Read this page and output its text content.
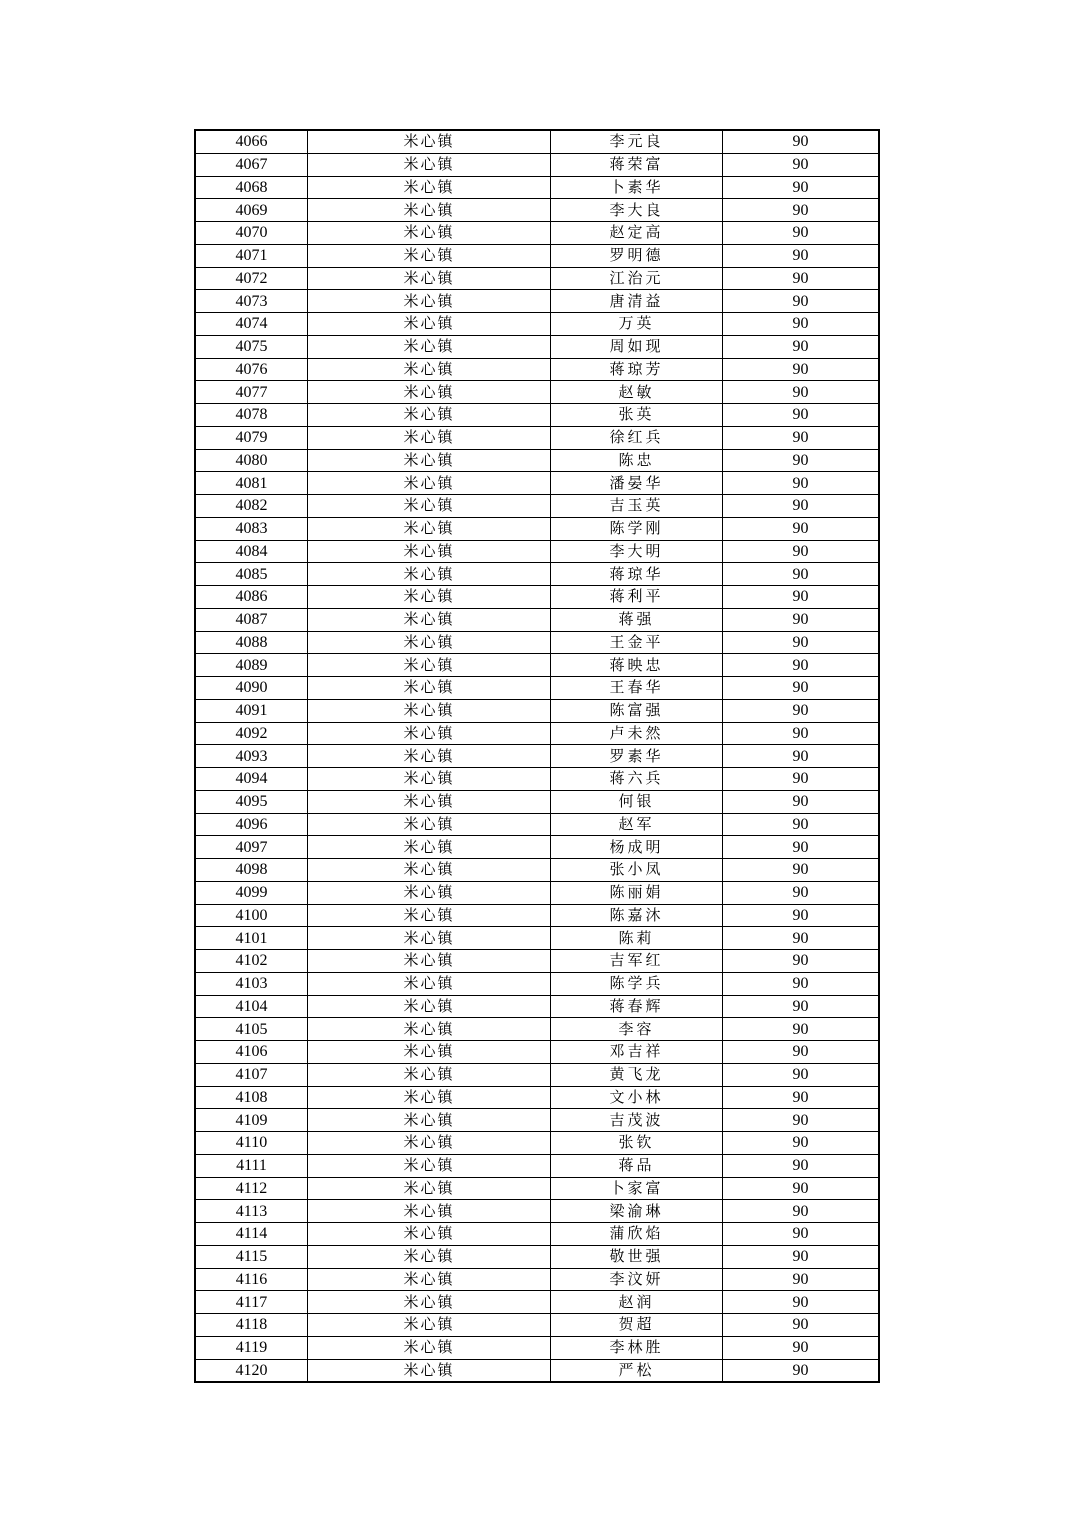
4066	米心镇	李元良	90
4067	米心镇	蒋荣富	90
4068	米心镇	卜素华	90
4069	米心镇	李大良	90
4070	米心镇	赵定高	90
4071	米心镇	罗明德	90
4072	米心镇	江治元	90
4073	米心镇	唐清益	90
4074	米心镇	万英	90
4075	米心镇	周如现	90
4076	米心镇	蒋琼芳	90
4077	米心镇	赵敏	90
4078	米心镇	张英	90
4079	米心镇	徐红兵	90
4080	米心镇	陈忠	90
4081	米心镇	潘晏华	90
4082	米心镇	吉玉英	90
4083	米心镇	陈学刚	90
4084	米心镇	李大明	90
4085	米心镇	蒋琼华	90
4086	米心镇	蒋利平	90
4087	米心镇	蒋强	90
4088	米心镇	王金平	90
4089	米心镇	蒋映忠	90
4090	米心镇	王春华	90
4091	米心镇	陈富强	90
4092	米心镇	卢未然	90
4093	米心镇	罗素华	90
4094	米心镇	蒋六兵	90
4095	米心镇	何银	90
4096	米心镇	赵军	90
4097	米心镇	杨成明	90
4098	米心镇	张小凤	90
4099	米心镇	陈丽娟	90
4100	米心镇	陈嘉沐	90
4101	米心镇	陈莉	90
4102	米心镇	吉军红	90
4103	米心镇	陈学兵	90
4104	米心镇	蒋春辉	90
4105	米心镇	李容	90
4106	米心镇	邓吉祥	90
4107	米心镇	黄飞龙	90
4108	米心镇	文小林	90
4109	米心镇	吉茂波	90
4110	米心镇	张钦	90
4111	米心镇	蒋品	90
4112	米心镇	卜家富	90
4113	米心镇	梁渝琳	90
4114	米心镇	蒲欣焰	90
4115	米心镇	敬世强	90
4116	米心镇	李汶妍	90
4117	米心镇	赵润	90
4118	米心镇	贺超	90
4119	米心镇	李林胜	90
4120	米心镇	严松	90
